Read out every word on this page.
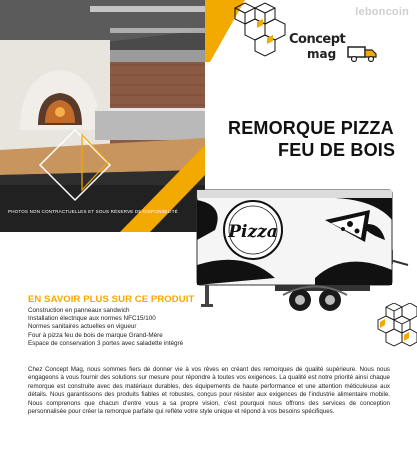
PHOTOS NON CONTRACTUELLES ET SOUS RÉSERVE DE DISPONIBILITÉ
leboncoin
Concept
mag
REMORQUE PIZZA
FEU DE BOIS
Pizza
EN SAVOIR PLUS SUR CE PRODUIT
Construction en panneaux sandwich
Installation électrique aux normes NFC15/100
Normes sanitaires actuelles en vigueur
Four à pizza feu de bois de marque Grand-Mère
Espace de conservation 3 portes avec saladette intégré
Chez Concept Mag, nous sommes fiers de donner vie à vos rêves en créant des remorques de qualité supérieure. Nous nous engageons à vous fournir des solutions sur mesure pour répondre à toutes vos exigences. La qualité est notre priorité ainsi chaque remorque est construite avec des matériaux durables, des équipements de haute performance et une attention méticuleuse aux détails. Nous garantissons des produits fiables et robustes, conçus pour résister aux exigences de l'industrie alimentaire mobile. Nous comprenons que chacun d'entre vous a sa propre vision, c'est pourquoi nous offrons des services de conception personnalisée pour créer la remorque parfaite qui reflète votre style unique et répond à vos besoins spécifiques.
